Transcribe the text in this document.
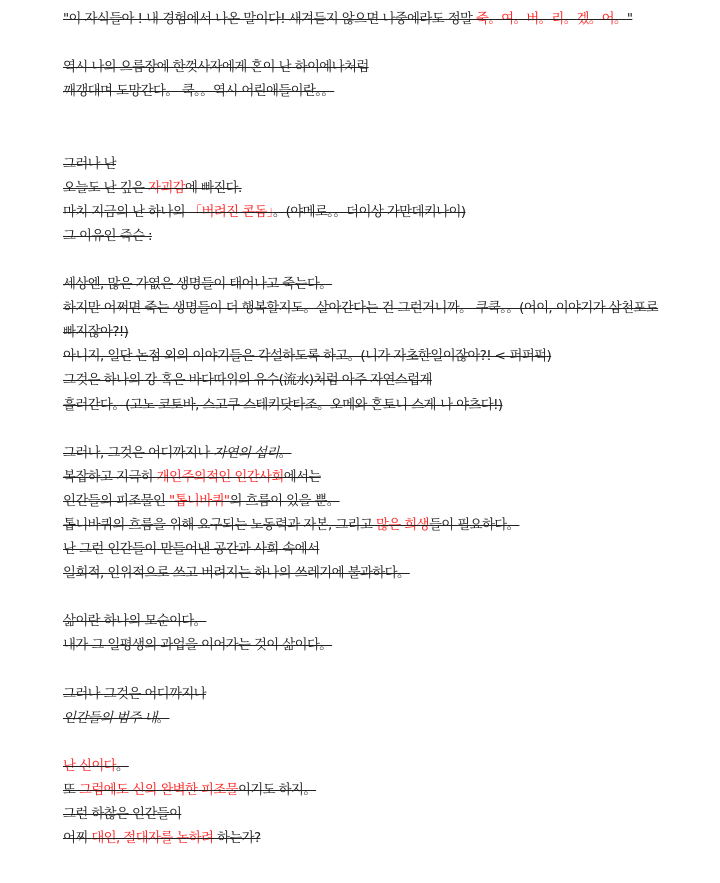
"이 자식들아 ! 내 경험에서 나온 말이다! 새겨듣지 않으면 나중에라도 정말 죽。여。버。리。겠。어。"
역시 나의 으름장에 한껏사자에게 혼이 난 하이에나처럼
깨갱대며 도망간다。 쿡。。역시 어린애들이란。。
그러나 난
오늘도 난 깊은 자괴감에 빠진다.
마치 지금의 난 하나의 「버려진 콘돔」。(야메로。。더이상 가만데키나이)
그 이유인 즉슨 :
세상엔, 많은 가엾은 생명들이 태어나고 죽는다。
하지만 어쩌면 죽는 생명들이 더 행복할지도。살아간다는 건 그런거니까。 쿠쿡。。(어이, 이야기가 삼천포로 빠지잖아?!)
아니지, 일단 논점 외의 이야기들은 각설하도록 하고。(니가 자초한일이잖아?! <-퍼퍼퍽)
그것은 하나의 강 혹은 바다따위의 유수(流水)처럼 아주 자연스럽게
흘러간다。(고노 코토바, 스고쿠 스테키닷타조。오메와 혼토니 스게-나 야츠다!)
그러나, 그것은 어디까지나 자연의 섭리。
복잡하고 지극히 개인주의적인 인간사회에서는
인간들의 피조물인 "톱니바퀴"의 흐름이 있을 뿐。
톱니바퀴의 흐름을 위해 요구되는 노동력과 자본, 그리고 많은 희생들이 필요하다。
난 그런 인간들이 만들어낸 공간과 사회 속에서
일회적, 인위적으로 쓰고 버려지는 하나의 쓰레기에 불과하다。
삶이란 하나의 모순이다。
내가 그 일평생의 과업을 이어가는 것이 삶이다。
그러나 그것은 어디까지나
인간들의 범주 내。
난 신이다。
또 그럼에도 신의 완벽한 피조물이기도 하지。
그런 하찮은 인간들이
어찌 대인, 절대자를 논하려 하는가?
